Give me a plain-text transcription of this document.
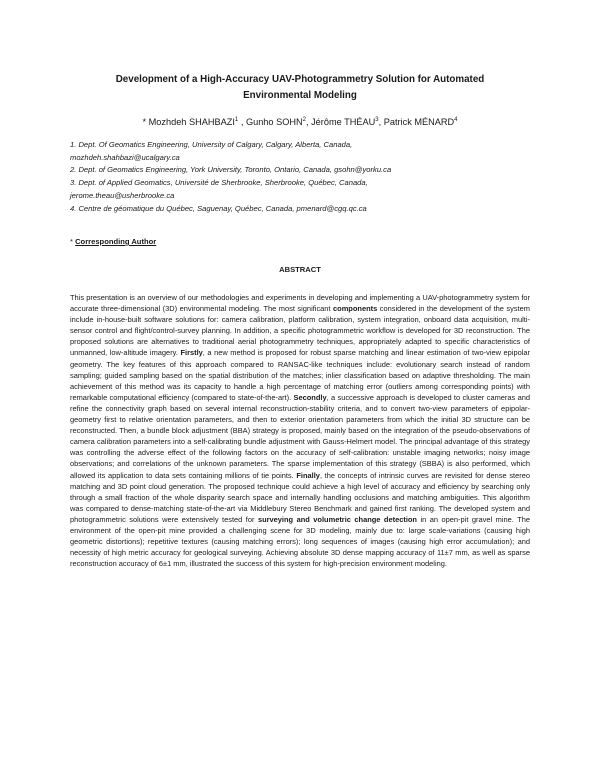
Development of a High-Accuracy UAV-Photogrammetry Solution for Automated
Environmental Modeling
* Mozhdeh SHAHBAZI$^1$ , Gunho SOHN$^2$, Jérôme THÉAU$^3$, Patrick MÉNARD$^4$
1. Dept. Of Geomatics Engineering, University of Calgary, Calgary, Alberta, Canada,
mozhdeh.shahbazi@ucalgary.ca
2. Dept. of Geomatics Engineering, York University, Toronto, Ontario, Canada, gsohn@yorku.ca
3. Dept. of Applied Geomatics, Université de Sherbrooke, Sherbrooke, Québec, Canada,
jerome.theau@usherbrooke.ca
4. Centre de géomatique du Québec, Saguenay, Québec, Canada, pmenard@cgq.qc.ca
* Corresponding Author
ABSTRACT
This presentation is an overview of our methodologies and experiments in developing and implementing a UAV-photogrammetry system for accurate three-dimensional (3D) environmental modeling. The most significant components considered in the development of the system include in-house-built software solutions for: camera calibration, platform calibration, system integration, onboard data acquisition, multi-sensor control and flight/control-survey planning. In addition, a specific photogrammetric workflow is developed for 3D reconstruction. The proposed solutions are alternatives to traditional aerial photogrammetry techniques, appropriately adapted to specific characteristics of unmanned, low-altitude imagery. Firstly, a new method is proposed for robust sparse matching and linear estimation of two-view epipolar geometry. The key features of this approach compared to RANSAC-like techniques include: evolutionary search instead of random sampling; guided sampling based on the spatial distribution of the matches; inlier classification based on adaptive thresholding. The main achievement of this method was its capacity to handle a high percentage of matching error (outliers among corresponding points) with remarkable computational efficiency (compared to state-of-the-art). Secondly, a successive approach is developed to cluster cameras and refine the connectivity graph based on several internal reconstruction-stability criteria, and to convert two-view parameters of epipolar-geometry first to relative orientation parameters, and then to exterior orientation parameters from which the initial 3D structure can be reconstructed. Then, a bundle block adjustment (BBA) strategy is proposed, mainly based on the integration of the pseudo-observations of camera calibration parameters into a self-calibrating bundle adjustment with Gauss-Helmert model. The principal advantage of this strategy was controlling the adverse effect of the following factors on the accuracy of self-calibration: unstable imaging networks; noisy image observations; and correlations of the unknown parameters. The sparse implementation of this strategy (SBBA) is also performed, which allowed its application to data sets containing millions of tie points. Finally, the concepts of intrinsic curves are revisited for dense stereo matching and 3D point cloud generation. The proposed technique could achieve a high level of accuracy and efficiency by searching only through a small fraction of the whole disparity search space and internally handling occlusions and matching ambiguities. This algorithm was compared to dense-matching state-of-the-art via Middlebury Stereo Benchmark and gained first ranking. The developed system and photogrammetric solutions were extensively tested for surveying and volumetric change detection in an open-pit gravel mine. The environment of the open-pit mine provided a challenging scene for 3D modeling, mainly due to: large scale-variations (causing high geometric distortions); repetitive textures (causing matching errors); long sequences of images (causing high error accumulation); and necessity of high metric accuracy for geological surveying. Achieving absolute 3D dense mapping accuracy of 11±7 mm, as well as sparse reconstruction accuracy of 6±1 mm, illustrated the success of this system for high-precision environment modeling.
